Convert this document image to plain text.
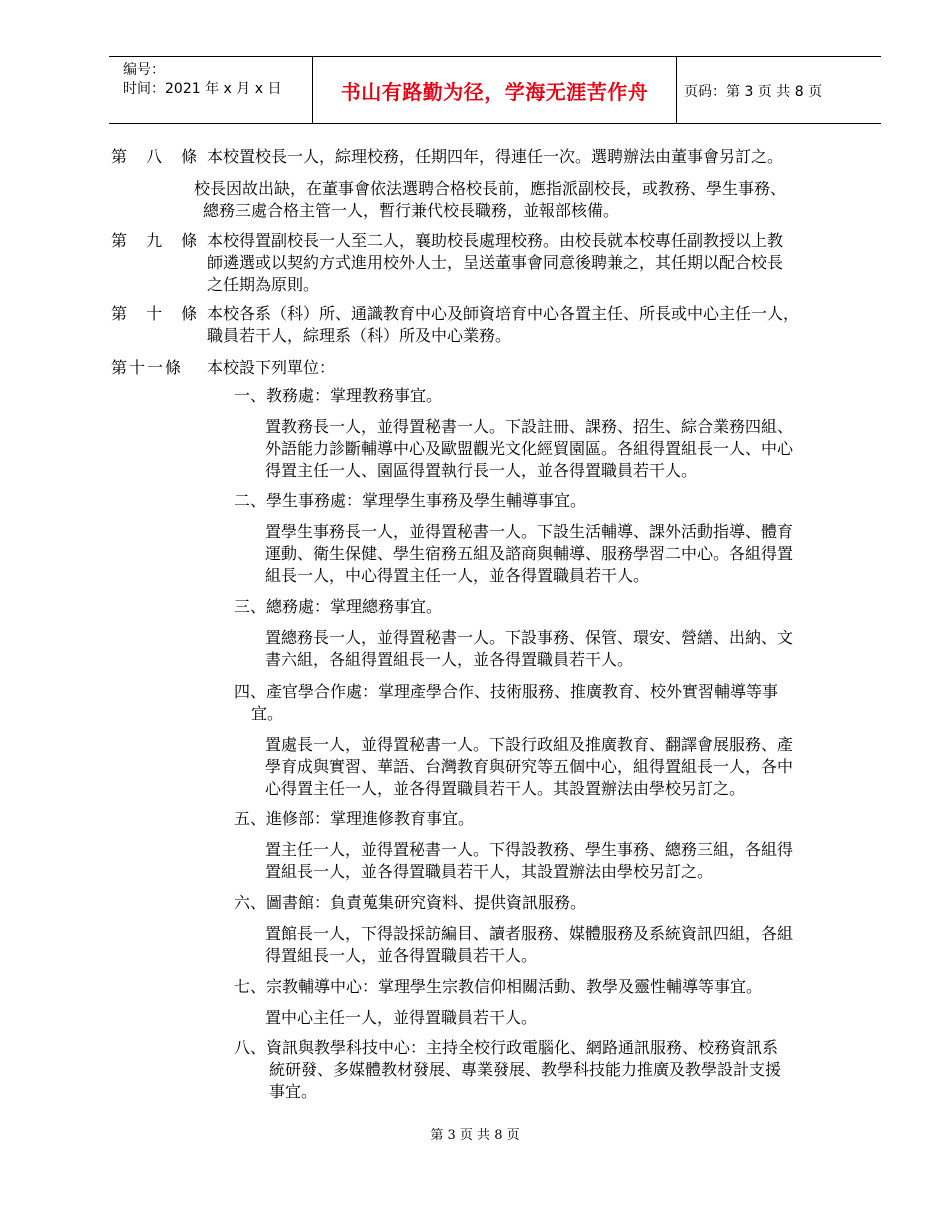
编号：
时间：2021 年 x 月 x 日	书山有路勤为径，学海无涯苦作舟	页码：第 3 页 共 8 页
第 八 條 本校置校長一人，綜理校務，任期四年，得連任一次。選聘辦法由董事會另訂之。
校長因故出缺，在董事會依法選聘合格校長前，應指派副校長，或教務、學生事務、
總務三處合格主管一人，暫行兼代校長職務，並報部核備。
第 九 條 本校得置副校長一人至二人，襄助校長處理校務。由校長就本校專任副教授以上教
師遴選或以契約方式進用校外人士，呈送董事會同意後聘兼之，其任期以配合校長
之任期為原則。
第 十 條 本校各系（科）所、通識教育中心及師資培育中心各置主任、所長或中心主任一人，
職員若干人，綜理系（科）所及中心業務。
第十一條 本校設下列單位：
一、教務處：掌理教務事宜。
置教務長一人，並得置秘書一人。下設註冊、課務、招生、綜合業務四組、
外語能力診斷輔導中心及歐盟觀光文化經貿園區。各組得置組長一人、中心
得置主任一人、園區得置執行長一人，並各得置職員若干人。
二、學生事務處：掌理學生事務及學生輔導事宜。
置學生事務長一人，並得置秘書一人。下設生活輔導、課外活動指導、體育
運動、衛生保健、學生宿務五組及諮商與輔導、服務學習二中心。各組得置
組長一人，中心得置主任一人，並各得置職員若干人。
三、總務處：掌理總務事宜。
置總務長一人，並得置秘書一人。下設事務、保管、環安、營繕、出納、文
書六組，各組得置組長一人，並各得置職員若干人。
四、產官學合作處：掌理產學合作、技術服務、推廣教育、校外實習輔導等事
宜。
置處長一人，並得置秘書一人。下設行政組及推廣教育、翻譯會展服務、產
學育成與實習、華語、台灣教育與研究等五個中心，組得置組長一人，各中
心得置主任一人，並各得置職員若干人。其設置辦法由學校另訂之。
五、進修部：掌理進修教育事宜。
置主任一人，並得置秘書一人。下得設教務、學生事務、總務三組，各組得
置組長一人，並各得置職員若干人，其設置辦法由學校另訂之。
六、圖書館：負責蒐集研究資料、提供資訊服務。
置館長一人，下得設採訪編目、讀者服務、媒體服務及系統資訊四組，各組
得置組長一人，並各得置職員若干人。
七、宗教輔導中心：掌理學生宗教信仰相關活動、教學及靈性輔導等事宜。
置中心主任一人，並得置職員若干人。
八、資訊與教學科技中心：主持全校行政電腦化、網路通訊服務、校務資訊系
統研發、多媒體教材發展、專業發展、教學科技能力推廣及教學設計支援
事宜。
第 3 页 共 8 页
